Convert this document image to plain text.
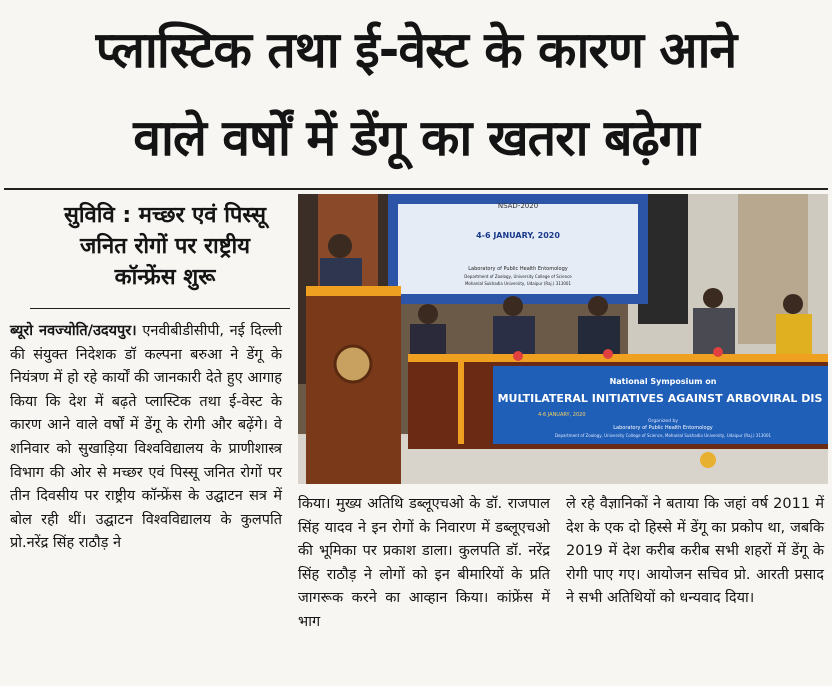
प्लास्टिक तथा ई-वेस्ट के कारण आने
वाले वर्षों में डेंगू का खतरा बढ़ेगा
सुविवि : मच्छर एवं पिस्सू
जनित रोगों पर राष्ट्रीय
कॉन्फ्रेंस शुरू
ब्यूरो नवज्योति/उदयपुर। एनवीबीडीसीपी, नई दिल्ली की संयुक्त निदेशक डॉ कल्पना बरुआ ने डेंगू के नियंत्रण में हो रहे कार्यों की जानकारी देते हुए आगाह किया कि देश में बढ़ते प्लास्टिक तथा ई-वेस्ट के कारण आने वाले वर्षों में डेंगू के रोगी और बढ़ेंगे। वे शनिवार को सुखाड़िया विश्वविद्यालय के प्राणीशास्त्र विभाग की ओर से मच्छर एवं पिस्सू जनित रोगों पर तीन दिवसीय पर राष्ट्रीय कॉन्फ्रेंस के उद्घाटन सत्र में बोल रही थीं। उद्घाटन विश्वविद्यालय के कुलपति प्रो.नरेंद्र सिंह राठौड़ ने
NSAD-2020
4-6 JANUARY, 2020
Laboratory of Public Health Entomology
Department of Zoology, University College of Science
Mohanlal Sukhadia University, Udaipur (Raj.) 313001
National Symposium on
MULTILATERAL INITIATIVES AGAINST ARBOVIRAL DIS
4-6 JANUARY, 2020
Organized by
Laboratory of Public Health Entomology
Department of Zoology, University College of Science, Mohanlal Sukhadia University, Udaipur (Raj.) 313001
किया। मुख्य अतिथि डब्लूएचओ के डॉ. राजपाल सिंह यादव ने इन रोगों के निवारण में डब्लूएचओ की भूमिका पर प्रकाश डाला। कुलपति डॉ. नरेंद्र सिंह राठौड़ ने लोगों को इन बीमारियों के प्रति जागरूक करने का आव्हान किया। कांफ्रेंस में भाग
ले रहे वैज्ञानिकों ने बताया कि जहां वर्ष 2011 में देश के एक दो हिस्से में डेंगू का प्रकोप था, जबकि 2019 में देश करीब करीब सभी शहरों में डेंगू के रोगी पाए गए। आयोजन सचिव प्रो. आरती प्रसाद ने सभी अतिथियों को धन्यवाद दिया।
